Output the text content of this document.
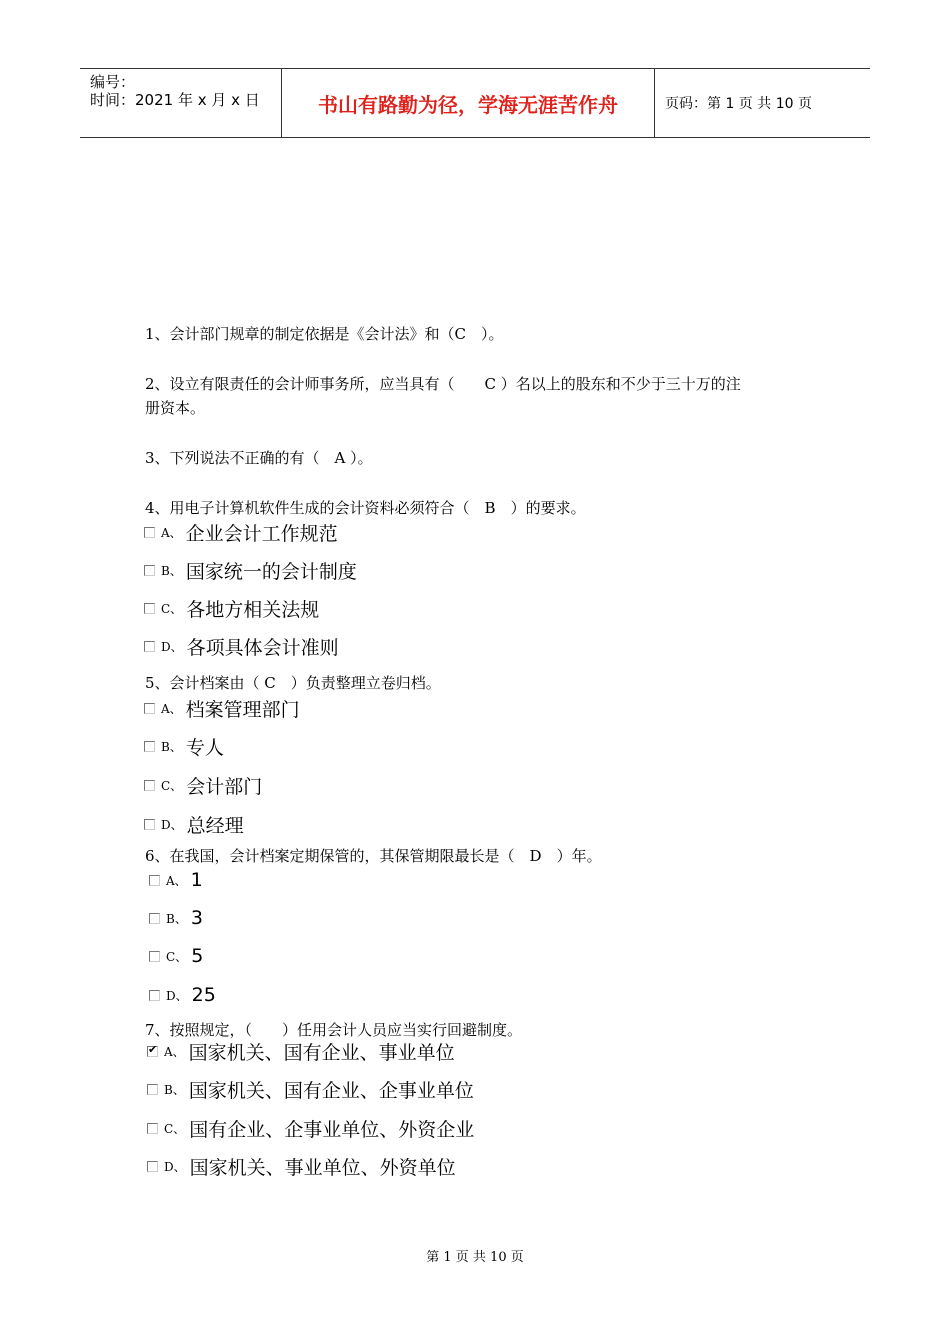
编号：
时间：2021 年 x 月 x 日	书山有路勤为径，学海无涯苦作舟	页码：第 1 页 共 10 页
1、会计部门规章的制定依据是《会计法》和（C　）。
2、设立有限责任的会计师事务所，应当具有（　　C ）名以上的股东和不少于三十万的注
册资本。
3、下列说法不正确的有（　A ）。
4、用电子计算机软件生成的会计资料必须符合（　B　）的要求。
A、 企业会计工作规范
B、 国家统一的会计制度
C、 各地方相关法规
D、 各项具体会计准则
5、会计档案由（ C　）负责整理立卷归档。
A、 档案管理部门
B、 专人
C、 会计部门
D、 总经理
6、在我国，会计档案定期保管的，其保管期限最长是（　D　）年。
A、 1
B、 3
C、 5
D、 25
7、按照规定，（　　）任用会计人员应当实行回避制度。
✔
A、 国家机关、国有企业、事业单位
B、 国家机关、国有企业、企事业单位
C、 国有企业、企事业单位、外资企业
D、 国家机关、事业单位、外资单位
第 1 页 共 10 页
